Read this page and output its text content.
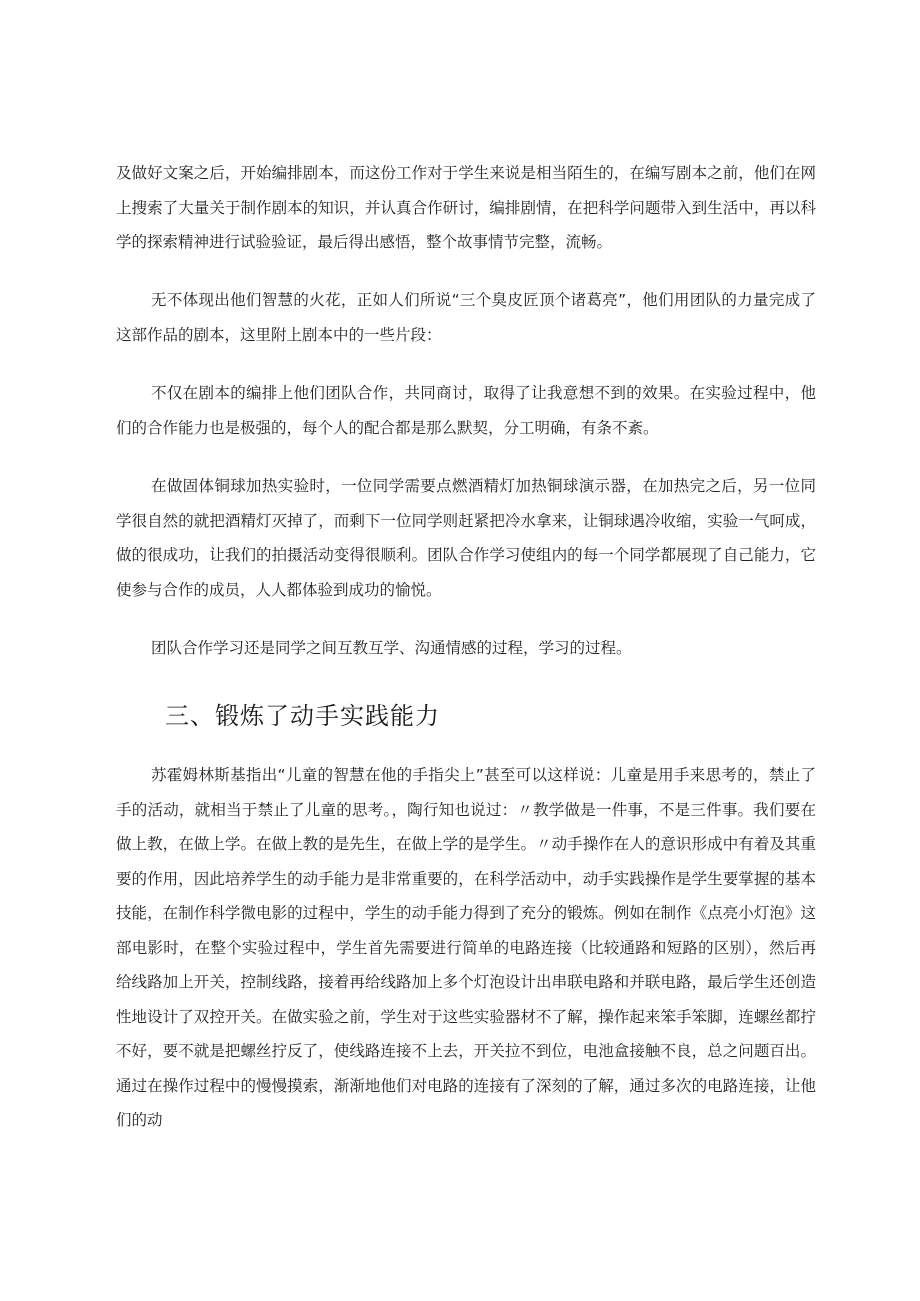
及做好文案之后，开始编排剧本，而这份工作对于学生来说是相当陌生的，在编写剧本之前，他们在网上搜索了大量关于制作剧本的知识，并认真合作研讨，编排剧情，在把科学问题带入到生活中，再以科学的探索精神进行试验验证，最后得出感悟，整个故事情节完整，流畅。

无不体现出他们智慧的火花，正如人们所说“三个臭皮匠顶个诸葛亮”，他们用团队的力量完成了这部作品的剧本，这里附上剧本中的一些片段：

不仅在剧本的编排上他们团队合作，共同商讨，取得了让我意想不到的效果。在实验过程中，他们的合作能力也是极强的，每个人的配合都是那么默契，分工明确，有条不紊。

在做固体铜球加热实验时，一位同学需要点燃酒精灯加热铜球演示器，在加热完之后，另一位同学很自然的就把酒精灯灭掉了，而剩下一位同学则赶紧把冷水拿来，让铜球遇冷收缩，实验一气呵成，做的很成功，让我们的拍摄活动变得很顺利。团队合作学习使组内的每一个同学都展现了自己能力，它使参与合作的成员，人人都体验到成功的愉悦。

团队合作学习还是同学之间互教互学、沟通情感的过程，学习的过程。

三、锻炼了动手实践能力

苏霍姆林斯基指出“儿童的智慧在他的手指尖上”甚至可以这样说：儿童是用手来思考的，禁止了手的活动，就相当于禁止了儿童的思考。，陶行知也说过：〃教学做是一件事，不是三件事。我们要在做上教，在做上学。在做上教的是先生，在做上学的是学生。〃动手操作在人的意识形成中有着及其重要的作用，因此培养学生的动手能力是非常重要的，在科学活动中，动手实践操作是学生要掌握的基本技能，在制作科学微电影的过程中，学生的动手能力得到了充分的锻炼。例如在制作《点亮小灯泡》这部电影时，在整个实验过程中，学生首先需要进行简单的电路连接（比较通路和短路的区别），然后再给线路加上开关，控制线路，接着再给线路加上多个灯泡设计出串联电路和并联电路，最后学生还创造性地设计了双控开关。在做实验之前，学生对于这些实验器材不了解，操作起来笨手笨脚，连螺丝都拧不好，要不就是把螺丝拧反了，使线路连接不上去，开关拉不到位，电池盒接触不良，总之问题百出。通过在操作过程中的慢慢摸索，渐渐地他们对电路的连接有了深刻的了解，通过多次的电路连接，让他们的动
